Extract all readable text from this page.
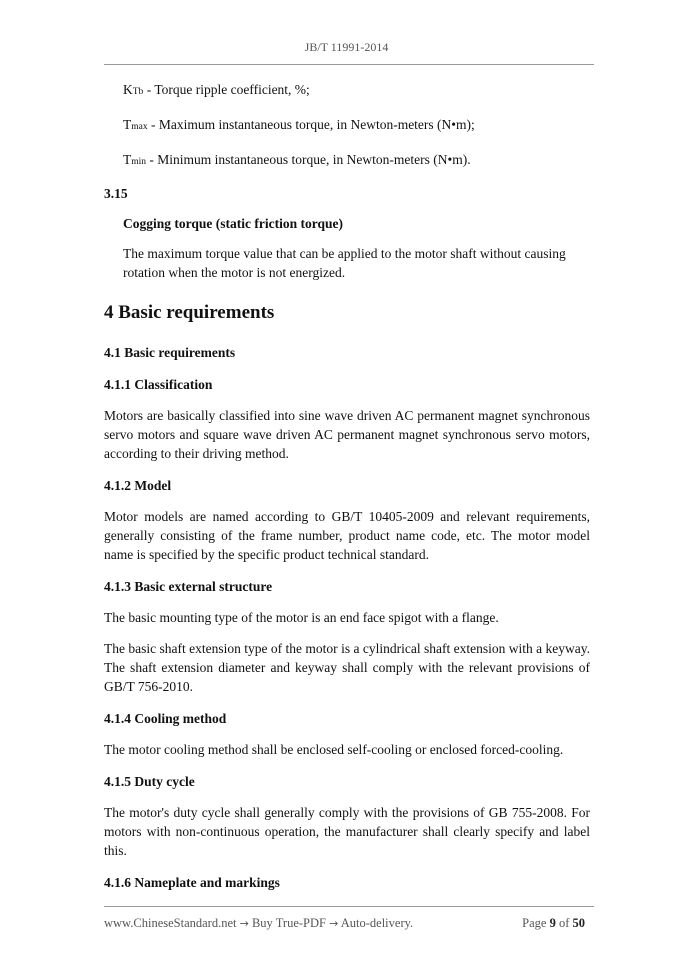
JB/T 11991-2014

KTb - Torque ripple coefficient, %;

Tmax - Maximum instantaneous torque, in Newton-meters (N•m);

Tmin - Minimum instantaneous torque, in Newton-meters (N•m).

3.15

Cogging torque (static friction torque)

The maximum torque value that can be applied to the motor shaft without causing rotation when the motor is not energized.

4 Basic requirements
4.1 Basic requirements
4.1.1 Classification

Motors are basically classified into sine wave driven AC permanent magnet synchronous servo motors and square wave driven AC permanent magnet synchronous servo motors, according to their driving method.

4.1.2 Model

Motor models are named according to GB/T 10405-2009 and relevant requirements, generally consisting of the frame number, product name code, etc. The motor model name is specified by the specific product technical standard.

4.1.3 Basic external structure

The basic mounting type of the motor is an end face spigot with a flange.

The basic shaft extension type of the motor is a cylindrical shaft extension with a keyway. The shaft extension diameter and keyway shall comply with the relevant provisions of GB/T 756-2010.

4.1.4 Cooling method

The motor cooling method shall be enclosed self-cooling or enclosed forced-cooling.

4.1.5 Duty cycle

The motor's duty cycle shall generally comply with the provisions of GB 755-2008. For motors with non-continuous operation, the manufacturer shall clearly specify and label this.

4.1.6 Nameplate and markings
www.ChineseStandard.net → Buy True-PDF → Auto-delivery.	Page 9 of 50
